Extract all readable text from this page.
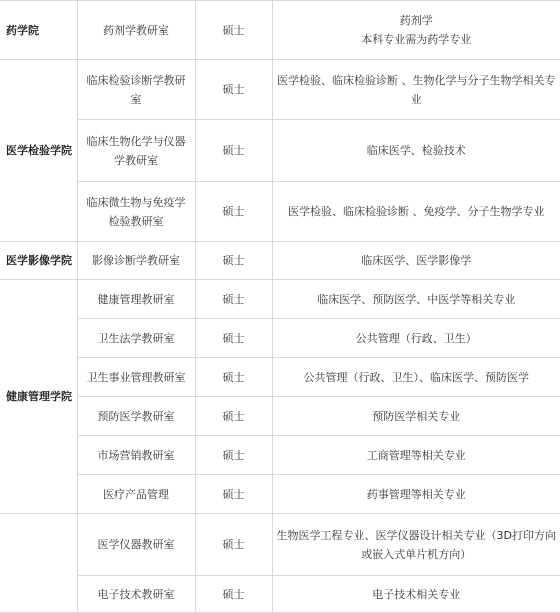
药学院	药剂学教研室	硕士	药剂学
本科专业需为药学专业

医学检验学院	临床检验诊断学教研室	硕士	医学检验、临床检验诊断 、生物化学与分子生物学相关专业
	临床生物化学与仪器学教研室	硕士	临床医学、检验技术
	临床微生物与免疫学检验教研室	硕士	医学检验、临床检验诊断 、免疫学、分子生物学专业
医学影像学院	影像诊断学教研室	硕士	临床医学、医学影像学
健康管理学院	健康管理教研室	硕士	临床医学、预防医学、中医学等相关专业
	卫生法学教研室	硕士	公共管理（行政、卫生）
	卫生事业管理教研室	硕士	公共管理（行政、卫生）、临床医学、预防医学
	预防医学教研室	硕士	预防医学相关专业
	市场营销教研室	硕士	工商管理等相关专业
	医疗产品管理	硕士	药事管理等相关专业
	医学仪器教研室	硕士	生物医学工程专业、医学仪器设计相关专业（3D打印方向或嵌入式单片机方向）
	电子技术教研室	硕士	电子技术相关专业
